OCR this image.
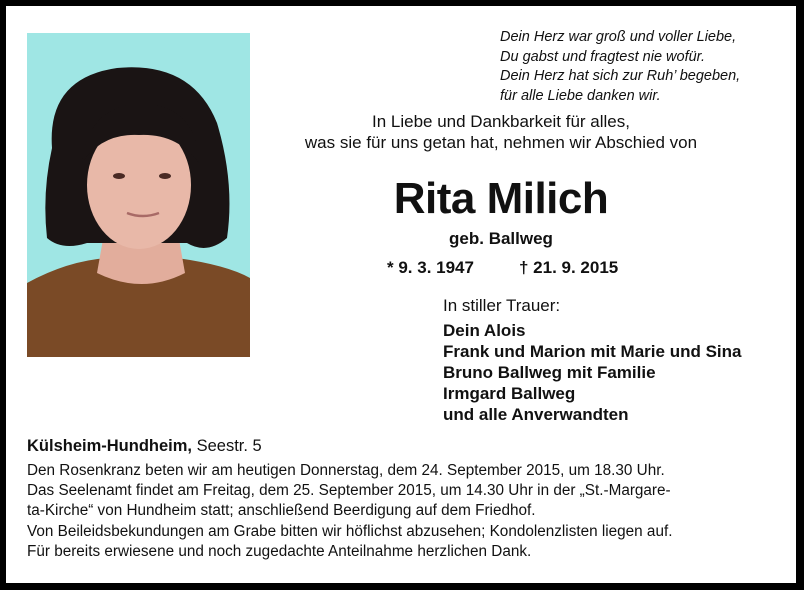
Dein Herz war groß und voller Liebe,
Du gabst und fragtest nie wofür.
Dein Herz hat sich zur Ruh’ begeben,
für alle Liebe danken wir.
In Liebe und Dankbarkeit für alles,
was sie für uns getan hat, nehmen wir Abschied von
Rita Milich
geb. Ballweg
* 9. 3. 1947	† 21. 9. 2015
In stiller Trauer:
Dein Alois
Frank und Marion mit Marie und Sina
Bruno Ballweg mit Familie
Irmgard Ballweg
und alle Anverwandten
Külsheim-Hundheim, Seestr. 5

Den Rosenkranz beten wir am heutigen Donnerstag, dem 24. September 2015, um 18.30 Uhr.

Das Seelenamt findet am Freitag, dem 25. September 2015, um 14.30 Uhr in der „St.-Margare-

ta-Kirche“ von Hundheim statt; anschließend Beerdigung auf dem Friedhof.

Von Beileidsbekundungen am Grabe bitten wir höflichst abzusehen; Kondolenzlisten liegen auf.

Für bereits erwiesene und noch zugedachte Anteilnahme herzlichen Dank.
